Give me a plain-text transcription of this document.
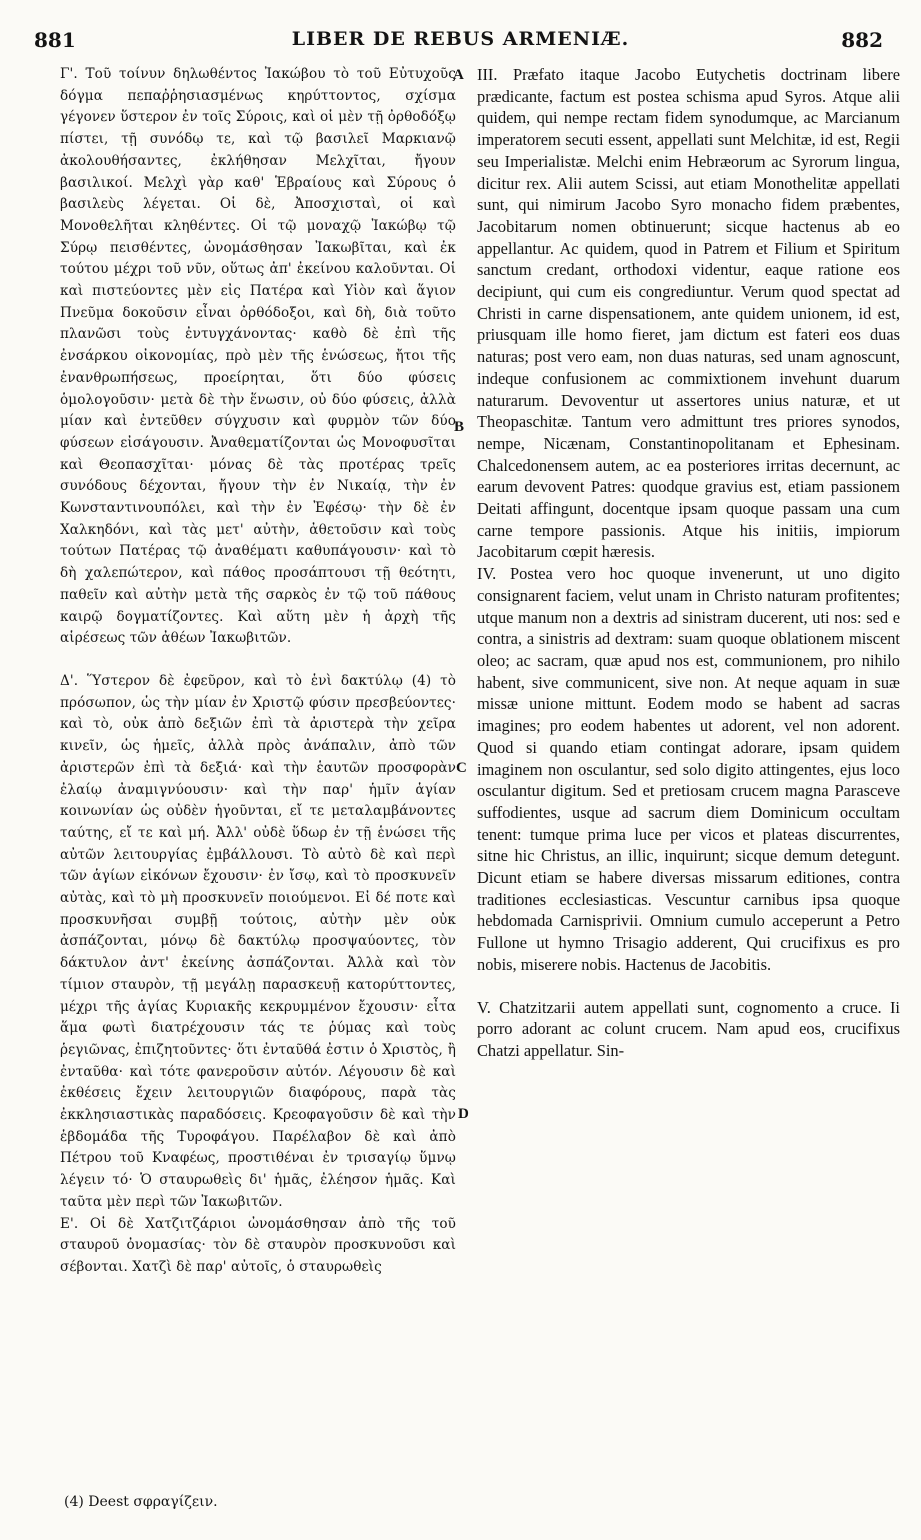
881	LIBER DE REBUS ARMENIÆ.	882

Γ'. Τοῦ τοίνυν δηλωθέντος Ἰακώβου τὸ τοῦ Εὐτυχοῦς δόγμα πεπαῤῥησιασμένως κηρύττοντος, σχίσμα γέγονεν ὕστερον ἐν τοῖς Σύροις, καὶ οἱ μὲν τῇ ὀρθοδόξῳ πίστει, τῇ συνόδῳ τε, καὶ τῷ βασιλεῖ Μαρκιανῷ ἀκολουθήσαντες, ἐκλήθησαν Μελχῖται, ἤγουν βασιλικοί. Μελχὶ γὰρ καθ' Ἑβραίους καὶ Σύρους ὁ βασιλεὺς λέγεται. Οἱ δὲ, Ἀποσχισταὶ, οἱ καὶ Μονοθελῆται κληθέντες. Οἱ τῷ μοναχῷ Ἰακώβῳ τῷ Σύρῳ πεισθέντες, ὠνομάσθησαν Ἰακωβῖται, καὶ ἐκ τούτου μέχρι τοῦ νῦν, οὕτως ἀπ' ἐκείνου καλοῦνται. Οἱ καὶ πιστεύοντες μὲν εἰς Πατέρα καὶ Υἱὸν καὶ ἅγιον Πνεῦμα δοκοῦσιν εἶναι ὀρθόδοξοι, καὶ δὴ, διὰ τοῦτο πλανῶσι τοὺς ἐντυγχάνοντας· καθὸ δὲ ἐπὶ τῆς ἐνσάρκου οἰκονομίας, πρὸ μὲν τῆς ἑνώσεως, ἤτοι τῆς ἐνανθρωπήσεως, προείρηται, ὅτι δύο φύσεις ὁμολογοῦσιν· μετὰ δὲ τὴν ἕνωσιν, οὐ δύο φύσεις, ἀλλὰ μίαν καὶ ἐντεῦθεν σύγχυσιν καὶ φυρμὸν τῶν δύο φύσεων εἰσάγουσιν. Ἀναθεματίζονται ὡς Μονοφυσῖται καὶ Θεοπασχῖται· μόνας δὲ τὰς προτέρας τρεῖς συνόδους δέχονται, ἤγουν τὴν ἐν Νικαίᾳ, τὴν ἐν Κωνσταντινουπόλει, καὶ τὴν ἐν Ἐφέσῳ· τὴν δὲ ἐν Χαλκηδόνι, καὶ τὰς μετ' αὐτὴν, ἀθετοῦσιν καὶ τοὺς τούτων Πατέρας τῷ ἀναθέματι καθυπάγουσιν· καὶ τὸ δὴ χαλεπώτερον, καὶ πάθος προσάπτουσι τῇ θεότητι, παθεῖν καὶ αὐτὴν μετὰ τῆς σαρκὸς ἐν τῷ τοῦ πάθους καιρῷ δογματίζοντες. Καὶ αὕτη μὲν ἡ ἀρχὴ τῆς αἱρέσεως τῶν ἀθέων Ἰακωβιτῶν.

Δ'. Ὕστερον δὲ ἐφεῦρον, καὶ τὸ ἑνὶ δακτύλῳ (4) τὸ πρόσωπον, ὡς τὴν μίαν ἐν Χριστῷ φύσιν πρεσβεύοντες· καὶ τὸ, οὐκ ἀπὸ δεξιῶν ἐπὶ τὰ ἀριστερὰ τὴν χεῖρα κινεῖν, ὡς ἡμεῖς, ἀλλὰ πρὸς ἀνάπαλιν, ἀπὸ τῶν ἀριστερῶν ἐπὶ τὰ δεξιά· καὶ τὴν ἑαυτῶν προσφορὰν ἐλαίῳ ἀναμιγνύουσιν· καὶ τὴν παρ' ἡμῖν ἁγίαν κοινωνίαν ὡς οὐδὲν ἡγοῦνται, εἴ τε μεταλαμβάνοντες ταύτης, εἴ τε καὶ μή. Ἀλλ' οὐδὲ ὕδωρ ἐν τῇ ἑνώσει τῆς αὐτῶν λειτουργίας ἐμβάλλουσι. Τὸ αὐτὸ δὲ καὶ περὶ τῶν ἁγίων εἰκόνων ἔχουσιν· ἐν ἴσῳ, καὶ τὸ προσκυνεῖν αὐτὰς, καὶ τὸ μὴ προσκυνεῖν ποιούμενοι. Εἰ δέ ποτε καὶ προσκυνῆσαι συμβῇ τούτοις, αὐτὴν μὲν οὐκ ἀσπάζονται, μόνῳ δὲ δακτύλῳ προσψαύοντες, τὸν δάκτυλον ἀντ' ἐκείνης ἀσπάζονται. Ἀλλὰ καὶ τὸν τίμιον σταυρὸν, τῇ μεγάλῃ παρασκευῇ κατορύττοντες, μέχρι τῆς ἁγίας Κυριακῆς κεκρυμμένον ἔχουσιν· εἶτα ἅμα φωτὶ διατρέχουσιν τάς τε ῥύμας καὶ τοὺς ῥεγιῶνας, ἐπιζητοῦντες· ὅτι ἐνταῦθά ἐστιν ὁ Χριστὸς, ἢ ἐνταῦθα· καὶ τότε φανεροῦσιν αὐτόν. Λέγουσιν δὲ καὶ ἐκθέσεις ἔχειν λειτουργιῶν διαφόρους, παρὰ τὰς ἐκκλησιαστικὰς παραδόσεις. Κρεοφαγοῦσιν δὲ καὶ τὴν ἑβδομάδα τῆς Τυροφάγου. Παρέλαβον δὲ καὶ ἀπὸ Πέτρου τοῦ Κναφέως, προστιθέναι ἐν τρισαγίῳ ὕμνῳ λέγειν τό· Ὁ σταυρωθεὶς δι' ἡμᾶς, ἐλέησον ἡμᾶς. Καὶ ταῦτα μὲν περὶ τῶν Ἰακωβιτῶν.

Ε'. Οἱ δὲ Χατζιτζάριοι ὠνομάσθησαν ἀπὸ τῆς τοῦ σταυροῦ ὀνομασίας· τὸν δὲ σταυρὸν προσκυνοῦσι καὶ σέβονται. Χατζὶ δὲ παρ' αὐτοῖς, ὁ σταυρωθεὶς

A
B
C
D

III. Præfato itaque Jacobo Eutychetis doctrinam libere prædicante, factum est postea schisma apud Syros. Atque alii quidem, qui nempe rectam fidem synodumque, ac Marcianum imperatorem secuti essent, appellati sunt Melchitæ, id est, Regii seu Imperialistæ. Melchi enim Hebræorum ac Syrorum lingua, dicitur rex. Alii autem Scissi, aut etiam Monothelitæ appellati sunt, qui nimirum Jacobo Syro monacho fidem præbentes, Jacobitarum nomen obtinuerunt; sicque hactenus ab eo appellantur. Ac quidem, quod in Patrem et Filium et Spiritum sanctum credant, orthodoxi videntur, eaque ratione eos decipiunt, qui cum eis congrediuntur. Verum quod spectat ad Christi in carne dispensationem, ante quidem unionem, id est, priusquam ille homo fieret, jam dictum est fateri eos duas naturas; post vero eam, non duas naturas, sed unam agnoscunt, indeque confusionem ac commixtionem invehunt duarum naturarum. Devoventur ut assertores unius naturæ, et ut Theopaschitæ. Tantum vero admittunt tres priores synodos, nempe, Nicænam, Constantinopolitanam et Ephesinam. Chalcedonensem autem, ac ea posteriores irritas decernunt, ac earum devovent Patres: quodque gravius est, etiam passionem Deitati affingunt, docentque ipsam quoque passam una cum carne tempore passionis. Atque his initiis, impiorum Jacobitarum cœpit hæresis.

IV. Postea vero hoc quoque invenerunt, ut uno digito consignarent faciem, velut unam in Christo naturam profitentes; utque manum non a dextris ad sinistram ducerent, uti nos: sed e contra, a sinistris ad dextram: suam quoque oblationem miscent oleo; ac sacram, quæ apud nos est, communionem, pro nihilo habent, sive communicent, sive non. At neque aquam in suæ missæ unione mittunt. Eodem modo se habent ad sacras imagines; pro eodem habentes ut adorent, vel non adorent. Quod si quando etiam contingat adorare, ipsam quidem imaginem non osculantur, sed solo digito attingentes, ejus loco osculantur digitum. Sed et pretiosam crucem magna Parasceve suffodientes, usque ad sacrum diem Dominicum occultam tenent: tumque prima luce per vicos et plateas discurrentes, sitne hic Christus, an illic, inquirunt; sicque demum detegunt. Dicunt etiam se habere diversas missarum editiones, contra traditiones ecclesiasticas. Vescuntur carnibus ipsa quoque hebdomada Carnisprivii. Omnium cumulo acceperunt a Petro Fullone ut hymno Trisagio adderent, Qui crucifixus es pro nobis, miserere nobis. Hactenus de Jacobitis.

V. Chatzitzarii autem appellati sunt, cognomento a cruce. Ii porro adorant ac colunt crucem. Nam apud eos, crucifixus Chatzi appellatur. Sin-

(4) Deest σφραγίζειν.
